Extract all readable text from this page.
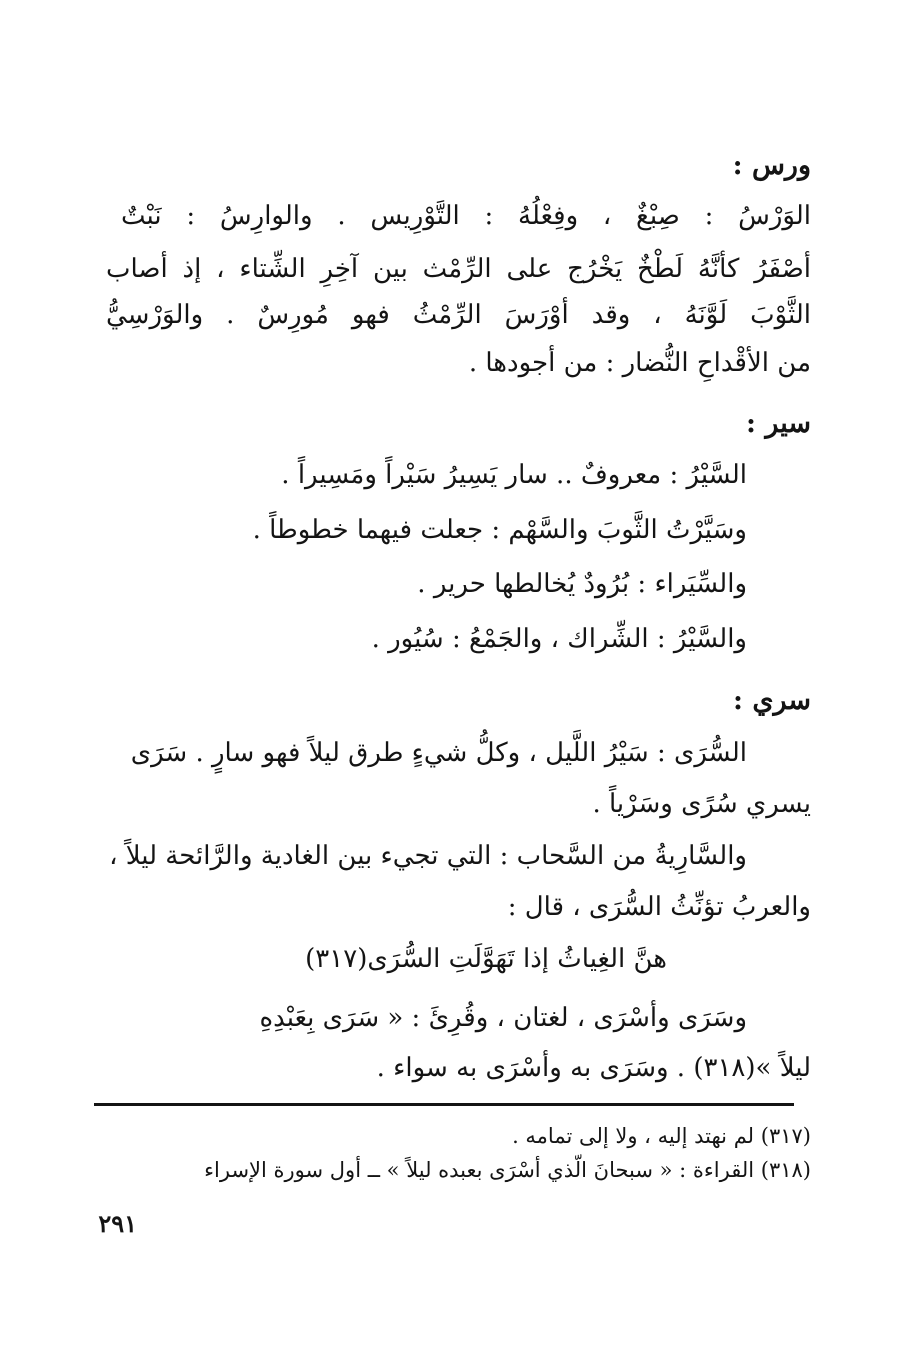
ورس :
الوَرْسُ : صِبْغٌ ، وفِعْلُهُ : التَّوْرِيس . والوارِسُ : نَبْتٌ
أصْفَرُ كأنَّهُ لَطْخٌ يَخْرُج على الرِّمْث بين آخِرِ الشِّتاء ، إذ أصاب
الثَّوْبَ لَوَّنَهُ ، وقد أوْرَسَ الرِّمْثُ فهو مُورِسٌ . والوَرْسِيُّ
من الأقْداحِ النُّضار : من أجودها .
سير :
السَّيْرُ : معروفٌ .. سار يَسِيرُ سَيْراً ومَسِيراً .
وسَيَّرْتُ الثَّوبَ والسَّهْم : جعلت فيهما خطوطاً .
والسِّيَراء : بُرُودٌ يُخالطها حرير .
والسَّيْرُ : الشِّراك ، والجَمْعُ : سُيُور .
سري :
السُّرَى : سَيْرُ اللَّيل ، وكلُّ شيءٍ طرق ليلاً فهو سارٍ . سَرَى
يسري سُرًى وسَرْياً .
والسَّارِيةُ من السَّحاب : التي تجيء بين الغادية والرَّائحة ليلاً ،
والعربُ تؤنِّثُ السُّرَى ، قال :
هنَّ الغِياثُ إذا تَهَوَّلَتِ السُّرَى(٣١٧)
وسَرَى وأسْرَى ، لغتان ، وقُرِئَ : « سَرَى بِعَبْدِهِ
ليلاً »(٣١٨) . وسَرَى به وأسْرَى به سواء .
(٣١٧) لم نهتد إليه ، ولا إلى تمامه .
(٣١٨) القراءة : « سبحانَ الّذي أسْرَى بعبده ليلاً » ــ أول سورة الإسراء
٢٩١
